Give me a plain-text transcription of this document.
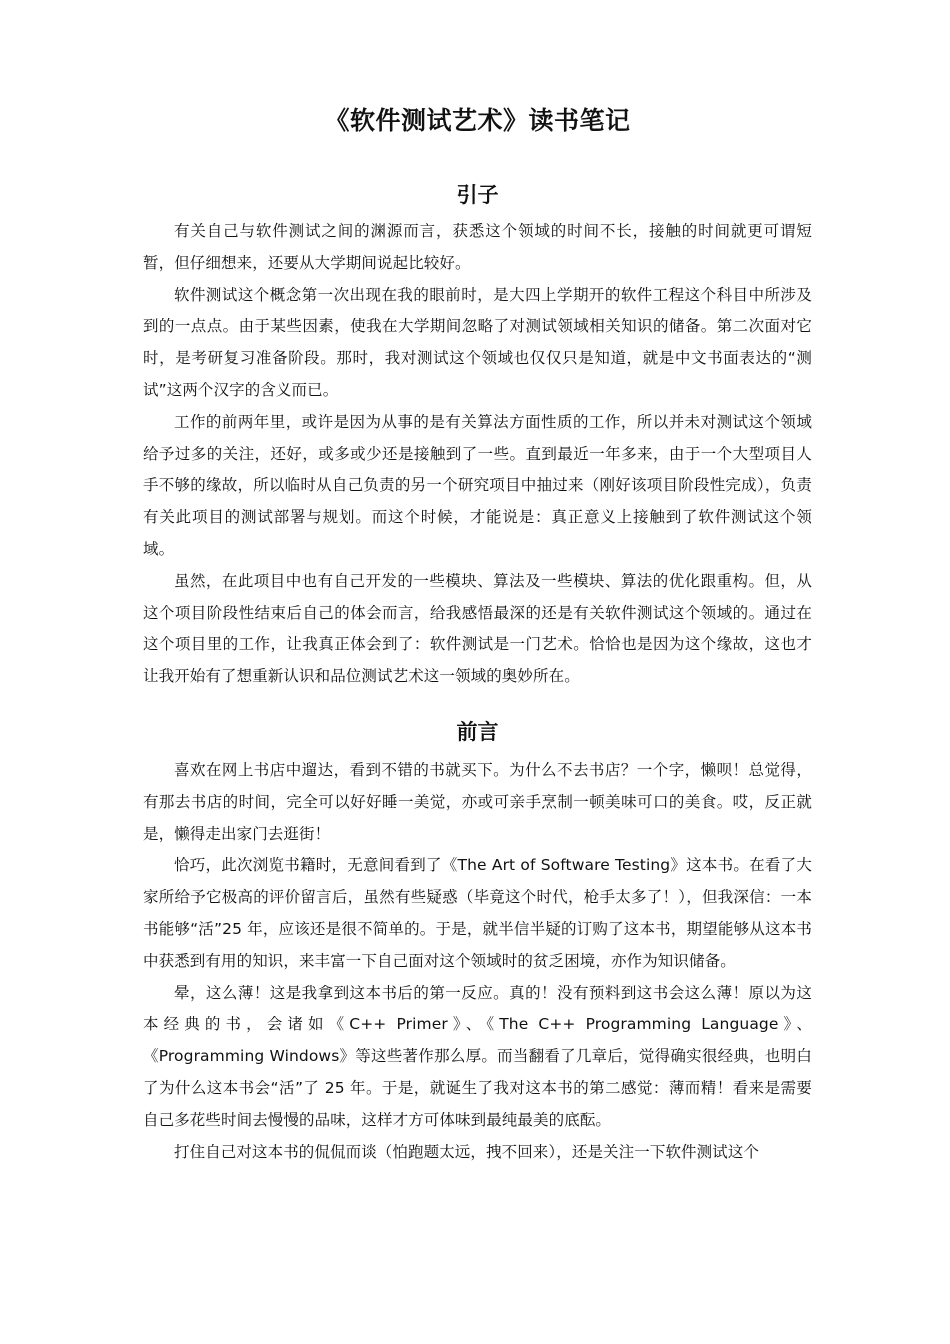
《软件测试艺术》读书笔记
引子

有关自己与软件测试之间的渊源而言，获悉这个领域的时间不长，接触的时间就更可谓短暂，但仔细想来，还要从大学期间说起比较好。

软件测试这个概念第一次出现在我的眼前时，是大四上学期开的软件工程这个科目中所涉及到的一点点。由于某些因素，使我在大学期间忽略了对测试领域相关知识的储备。第二次面对它时，是考研复习准备阶段。那时，我对测试这个领域也仅仅只是知道，就是中文书面表达的“测试”这两个汉字的含义而已。

工作的前两年里，或许是因为从事的是有关算法方面性质的工作，所以并未对测试这个领域给予过多的关注，还好，或多或少还是接触到了一些。直到最近一年多来，由于一个大型项目人手不够的缘故，所以临时从自己负责的另一个研究项目中抽过来（刚好该项目阶段性完成），负责有关此项目的测试部署与规划。而这个时候，才能说是：真正意义上接触到了软件测试这个领域。

虽然，在此项目中也有自己开发的一些模块、算法及一些模块、算法的优化跟重构。但，从这个项目阶段性结束后自己的体会而言，给我感悟最深的还是有关软件测试这个领域的。通过在这个项目里的工作，让我真正体会到了：软件测试是一门艺术。恰恰也是因为这个缘故，这也才让我开始有了想重新认识和品位测试艺术这一领域的奥妙所在。

前言

喜欢在网上书店中遛达，看到不错的书就买下。为什么不去书店？一个字，懒呗！总觉得，有那去书店的时间，完全可以好好睡一美觉，亦或可亲手烹制一顿美味可口的美食。哎，反正就是，懒得走出家门去逛街！

恰巧，此次浏览书籍时，无意间看到了《The Art of Software Testing》这本书。在看了大家所给予它极高的评价留言后，虽然有些疑惑（毕竟这个时代，枪手太多了！），但我深信：一本书能够“活”25 年，应该还是很不简单的。于是，就半信半疑的订购了这本书，期望能够从这本书中获悉到有用的知识，来丰富一下自己面对这个领域时的贫乏困境，亦作为知识储备。

晕，这么薄！这是我拿到这本书后的第一反应。真的！没有预料到这书会这么薄！原以为这本经典的书，会诸如《C++ Primer》、《The C++ Programming Language》、《Programming Windows》等这些著作那么厚。而当翻看了几章后，觉得确实很经典，也明白了为什么这本书会“活”了 25 年。于是，就诞生了我对这本书的第二感觉：薄而精！看来是需要自己多花些时间去慢慢的品味，这样才方可体味到最纯最美的底酝。

打住自己对这本书的侃侃而谈（怕跑题太远，拽不回来），还是关注一下软件测试这个
